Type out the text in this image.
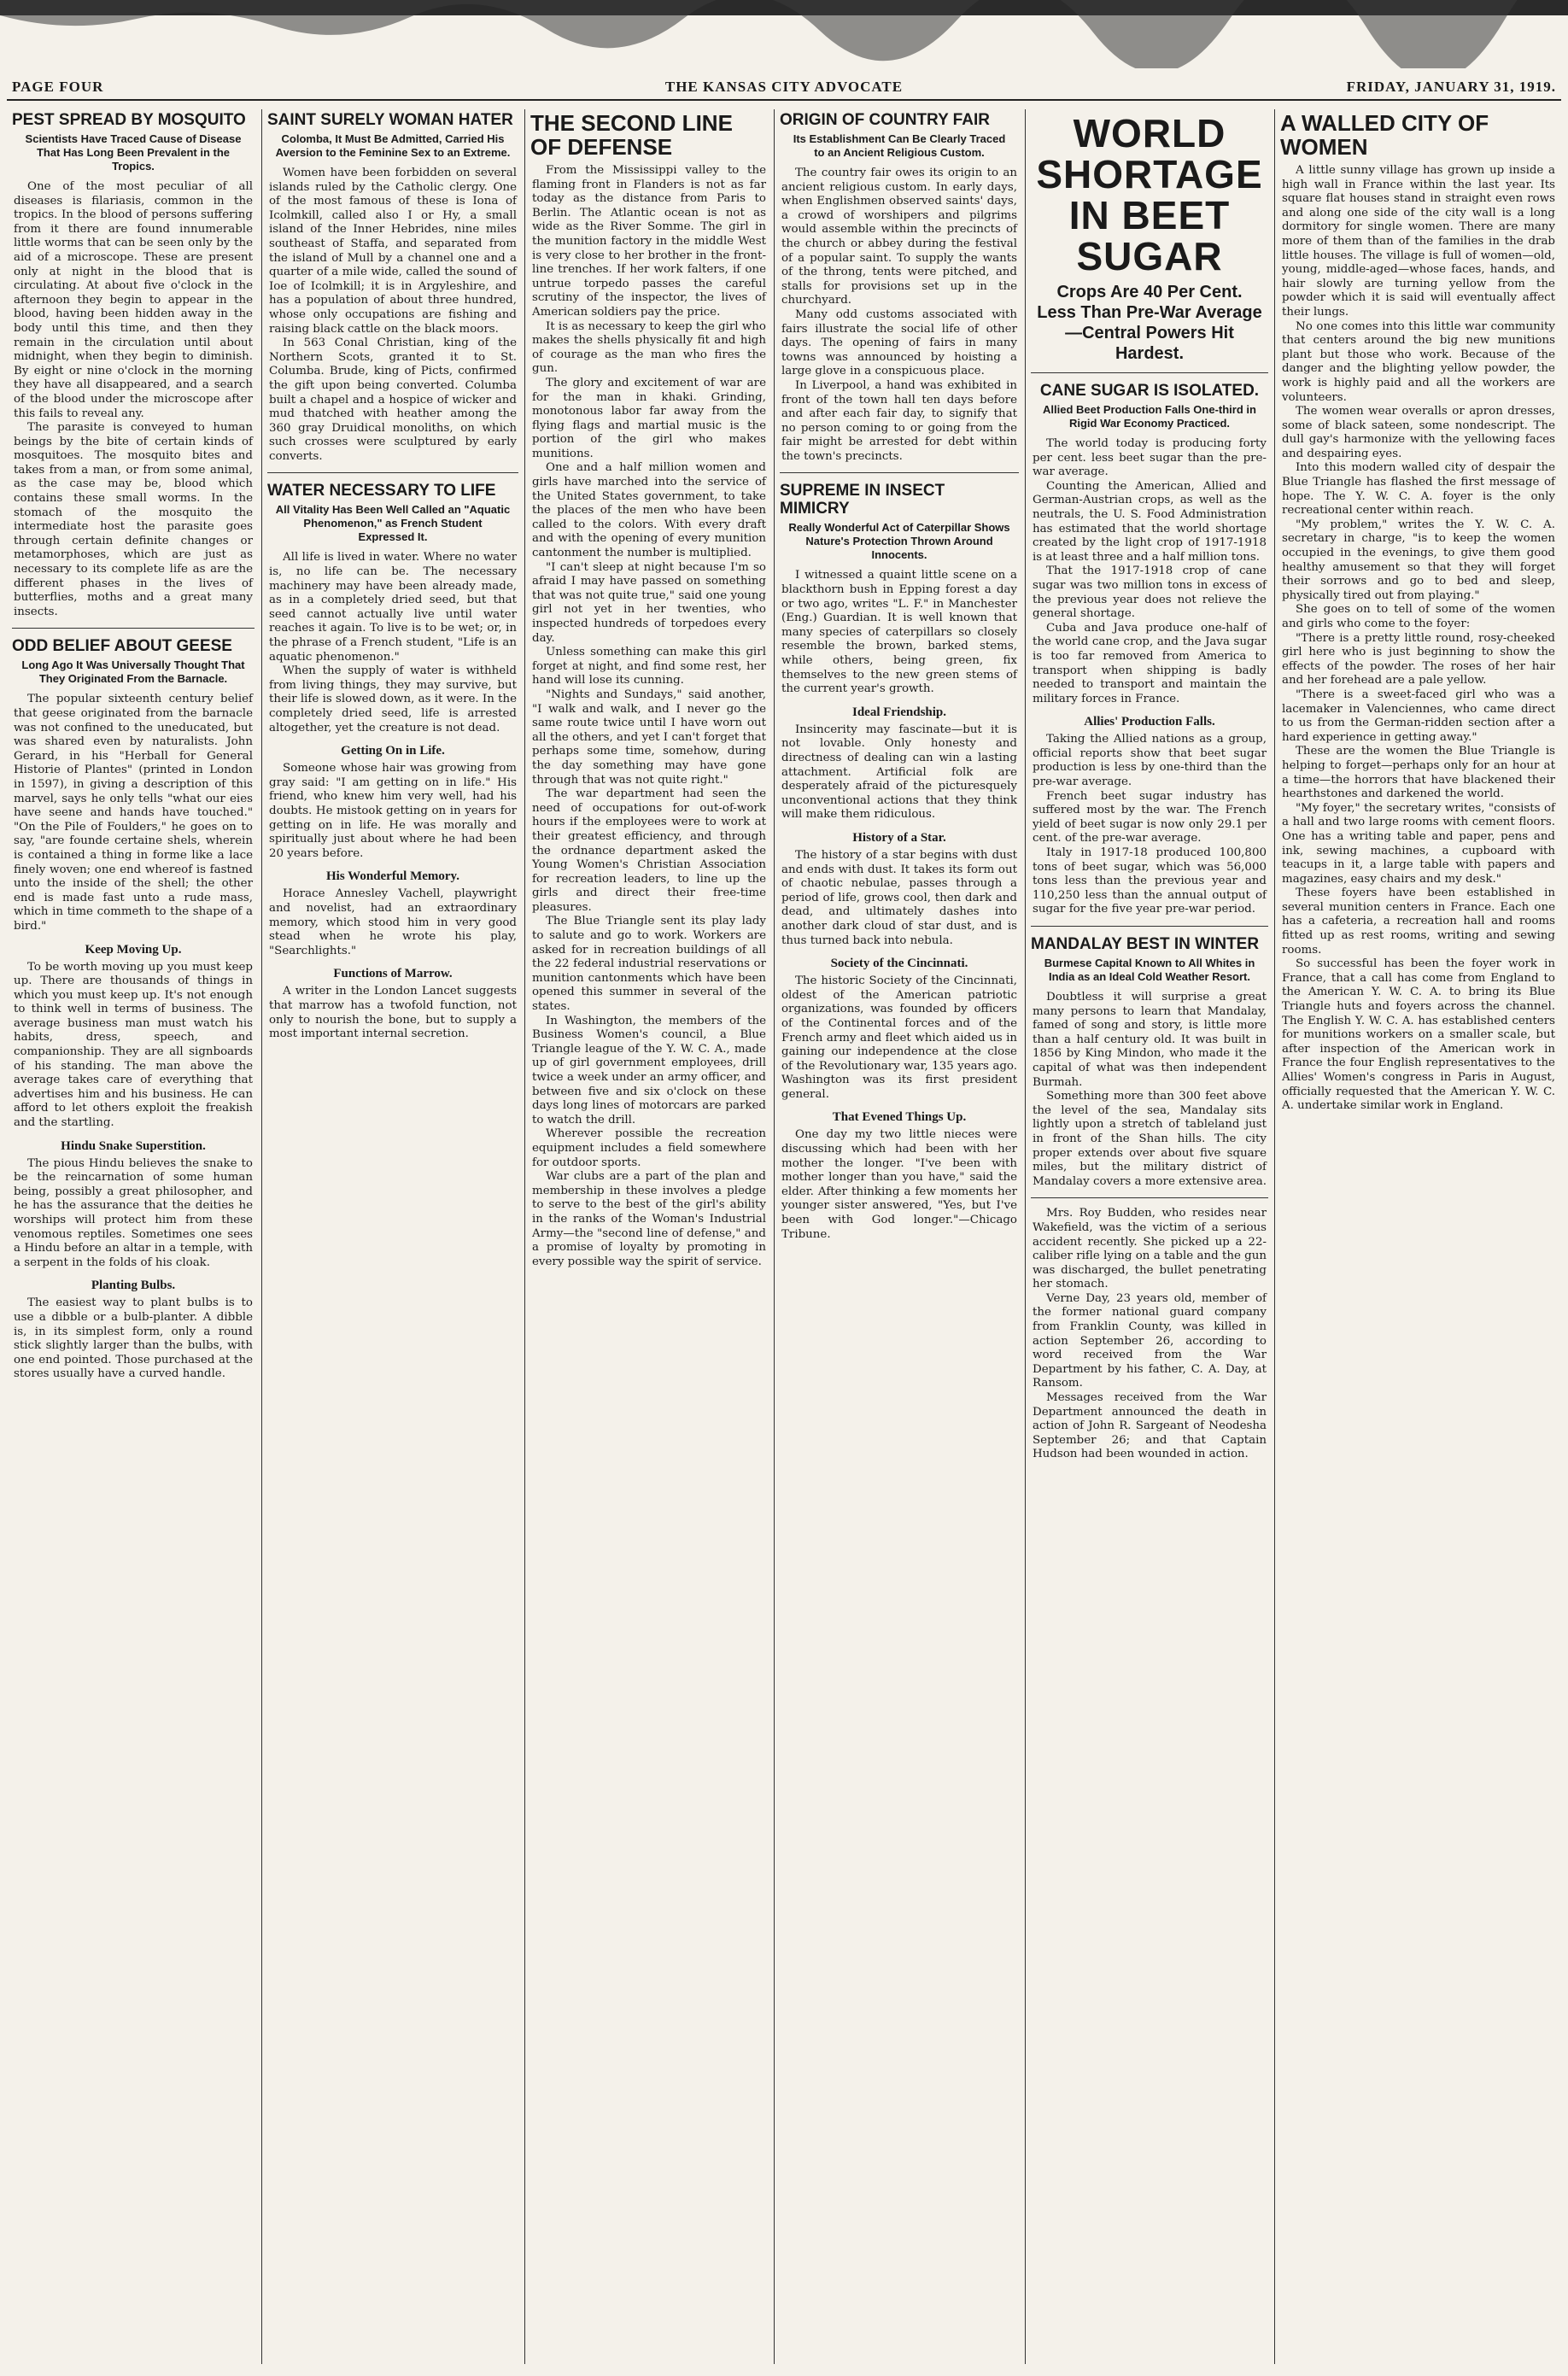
PAGE FOUR	THE KANSAS CITY ADVOCATE	FRIDAY, JANUARY 31, 1919.
PEST SPREAD BY MOSQUITO
Scientists Have Traced Cause of Disease That Has Long Been Prevalent in the Tropics.

One of the most peculiar of all diseases is filariasis, common in the tropics. In the blood of persons suffering from it there are found innumerable little worms that can be seen only by the aid of a microscope. These are present only at night in the blood that is circulating. At about five o'clock in the afternoon they begin to appear in the blood, having been hidden away in the body until this time, and then they remain in the circulation until about midnight, when they begin to diminish. By eight or nine o'clock in the morning they have all disappeared, and a search of the blood under the microscope after this fails to reveal any.

The parasite is conveyed to human beings by the bite of certain kinds of mosquitoes. The mosquito bites and takes from a man, or from some animal, as the case may be, blood which contains these small worms. In the stomach of the mosquito the intermediate host the parasite goes through certain definite changes or metamorphoses, which are just as necessary to its complete life as are the different phases in the lives of butterflies, moths and a great many insects.

ODD BELIEF ABOUT GEESE
Long Ago It Was Universally Thought That They Originated From the Barnacle.

The popular sixteenth century belief that geese originated from the barnacle was not confined to the uneducated, but was shared even by naturalists. John Gerard, in his "Herball for General Historie of Plantes" (printed in London in 1597), in giving a description of this marvel, says he only tells "what our eies have seene and hands have touched." "On the Pile of Foulders," he goes on to say, "are founde certaine shels, wherein is contained a thing in forme like a lace finely woven; one end whereof is fastned unto the inside of the shell; the other end is made fast unto a rude mass, which in time commeth to the shape of a bird."

Keep Moving Up.

To be worth moving up you must keep up. There are thousands of things in which you must keep up. It's not enough to think well in terms of business. The average business man must watch his habits, dress, speech, and companionship. They are all signboards of his standing. The man above the average takes care of everything that advertises him and his business. He can afford to let others exploit the freakish and the startling.

Hindu Snake Superstition.

The pious Hindu believes the snake to be the reincarnation of some human being, possibly a great philosopher, and he has the assurance that the deities he worships will protect him from these venomous reptiles. Sometimes one sees a Hindu before an altar in a temple, with a serpent in the folds of his cloak.

Planting Bulbs.

The easiest way to plant bulbs is to use a dibble or a bulb-planter. A dibble is, in its simplest form, only a round stick slightly larger than the bulbs, with one end pointed. Those purchased at the stores usually have a curved handle.

SAINT SURELY WOMAN HATER
Colomba, It Must Be Admitted, Carried His Aversion to the Feminine Sex to an Extreme.

Women have been forbidden on several islands ruled by the Catholic clergy. One of the most famous of these is Iona of Icolmkill, called also I or Hy, a small island of the Inner Hebrides, nine miles southeast of Staffa, and separated from the island of Mull by a channel one and a quarter of a mile wide, called the sound of Ioe of Icolmkill; it is in Argyleshire, and has a population of about three hundred, whose only occupations are fishing and raising black cattle on the black moors.

In 563 Conal Christian, king of the Northern Scots, granted it to St. Columba. Brude, king of Picts, confirmed the gift upon being converted. Columba built a chapel and a hospice of wicker and mud thatched with heather among the 360 gray Druidical monoliths, on which such crosses were sculptured by early converts.

WATER NECESSARY TO LIFE
All Vitality Has Been Well Called an "Aquatic Phenomenon," as French Student Expressed It.

All life is lived in water. Where no water is, no life can be. The necessary machinery may have been already made, as in a completely dried seed, but that seed cannot actually live until water reaches it again. To live is to be wet; or, in the phrase of a French student, "Life is an aquatic phenomenon."

When the supply of water is withheld from living things, they may survive, but their life is slowed down, as it were. In the completely dried seed, life is arrested altogether, yet the creature is not dead.

Getting On in Life.

Someone whose hair was growing from gray said: "I am getting on in life." His friend, who knew him very well, had his doubts. He mistook getting on in years for getting on in life. He was morally and spiritually just about where he had been 20 years before.

His Wonderful Memory.

Horace Annesley Vachell, playwright and novelist, had an extraordinary memory, which stood him in very good stead when he wrote his play, "Searchlights."

Functions of Marrow.

A writer in the London Lancet suggests that marrow has a twofold function, not only to nourish the bone, but to supply a most important internal secretion.

THE SECOND LINE OF DEFENSE

From the Mississippi valley to the flaming front in Flanders is not as far today as the distance from Paris to Berlin. The Atlantic ocean is not as wide as the River Somme. The girl in the munition factory in the middle West is very close to her brother in the front-line trenches. If her work falters, if one untrue torpedo passes the careful scrutiny of the inspector, the lives of American soldiers pay the price.

It is as necessary to keep the girl who makes the shells physically fit and high of courage as the man who fires the gun.

The glory and excitement of war are for the man in khaki. Grinding, monotonous labor far away from the flying flags and martial music is the portion of the girl who makes munitions.

One and a half million women and girls have marched into the service of the United States government, to take the places of the men who have been called to the colors. With every draft and with the opening of every munition cantonment the number is multiplied.

"I can't sleep at night because I'm so afraid I may have passed on something that was not quite true," said one young girl not yet in her twenties, who inspected hundreds of torpedoes every day.

Unless something can make this girl forget at night, and find some rest, her hand will lose its cunning.

"Nights and Sundays," said another, "I walk and walk, and I never go the same route twice until I have worn out all the others, and yet I can't forget that perhaps some time, somehow, during the day something may have gone through that was not quite right."

The war department had seen the need of occupations for out-of-work hours if the employees were to work at their greatest efficiency, and through the ordnance department asked the Young Women's Christian Association for recreation leaders, to line up the girls and direct their free-time pleasures.

The Blue Triangle sent its play lady to salute and go to work. Workers are asked for in recreation buildings of all the 22 federal industrial reservations or munition cantonments which have been opened this summer in several of the states.

In Washington, the members of the Business Women's council, a Blue Triangle league of the Y. W. C. A., made up of girl government employees, drill twice a week under an army officer, and between five and six o'clock on these days long lines of motorcars are parked to watch the drill.

Wherever possible the recreation equipment includes a field somewhere for outdoor sports.

War clubs are a part of the plan and membership in these involves a pledge to serve to the best of the girl's ability in the ranks of the Woman's Industrial Army—the "second line of defense," and a promise of loyalty by promoting in every possible way the spirit of service.

ORIGIN OF COUNTRY FAIR
Its Establishment Can Be Clearly Traced to an Ancient Religious Custom.

The country fair owes its origin to an ancient religious custom. In early days, when Englishmen observed saints' days, a crowd of worshipers and pilgrims would assemble within the precincts of the church or abbey during the festival of a popular saint. To supply the wants of the throng, tents were pitched, and stalls for provisions set up in the churchyard.

Many odd customs associated with fairs illustrate the social life of other days. The opening of fairs in many towns was announced by hoisting a large glove in a conspicuous place.

In Liverpool, a hand was exhibited in front of the town hall ten days before and after each fair day, to signify that no person coming to or going from the fair might be arrested for debt within the town's precincts.

SUPREME IN INSECT MIMICRY
Really Wonderful Act of Caterpillar Shows Nature's Protection Thrown Around Innocents.

I witnessed a quaint little scene on a blackthorn bush in Epping forest a day or two ago, writes "L. F." in Manchester (Eng.) Guardian. It is well known that many species of caterpillars so closely resemble the brown, barked stems, while others, being green, fix themselves to the new green stems of the current year's growth.

Ideal Friendship.

Insincerity may fascinate—but it is not lovable. Only honesty and directness of dealing can win a lasting attachment. Artificial folk are desperately afraid of the picturesquely unconventional actions that they think will make them ridiculous.

History of a Star.

The history of a star begins with dust and ends with dust. It takes its form out of chaotic nebulae, passes through a period of life, grows cool, then dark and dead, and ultimately dashes into another dark cloud of star dust, and is thus turned back into nebula.

Society of the Cincinnati.

The historic Society of the Cincinnati, oldest of the American patriotic organizations, was founded by officers of the Continental forces and of the French army and fleet which aided us in gaining our independence at the close of the Revolutionary war, 135 years ago. Washington was its first president general.

That Evened Things Up.

One day my two little nieces were discussing which had been with her mother the longer. "I've been with mother longer than you have," said the elder. After thinking a few moments her younger sister answered, "Yes, but I've been with God longer."—Chicago Tribune.

WORLD SHORTAGE IN BEET SUGAR
Crops Are 40 Per Cent. Less Than Pre-War Average—Central Powers Hit Hardest.
CANE SUGAR IS ISOLATED.
Allied Beet Production Falls One-third in Rigid War Economy Practiced.

The world today is producing forty per cent. less beet sugar than the pre-war average.

Counting the American, Allied and German-Austrian crops, as well as the neutrals, the U. S. Food Administration has estimated that the world shortage created by the light crop of 1917-1918 is at least three and a half million tons.

That the 1917-1918 crop of cane sugar was two million tons in excess of the previous year does not relieve the general shortage.

Cuba and Java produce one-half of the world cane crop, and the Java sugar is too far removed from America to transport when shipping is badly needed to transport and maintain the military forces in France.

Allies' Production Falls.

Taking the Allied nations as a group, official reports show that beet sugar production is less by one-third than the pre-war average.

French beet sugar industry has suffered most by the war. The French yield of beet sugar is now only 29.1 per cent. of the pre-war average.

Italy in 1917-18 produced 100,800 tons of beet sugar, which was 56,000 tons less than the previous year and 110,250 less than the annual output of sugar for the five year pre-war period.

MANDALAY BEST IN WINTER
Burmese Capital Known to All Whites in India as an Ideal Cold Weather Resort.

Doubtless it will surprise a great many persons to learn that Mandalay, famed of song and story, is little more than a half century old. It was built in 1856 by King Mindon, who made it the capital of what was then independent Burmah.

Something more than 300 feet above the level of the sea, Mandalay sits lightly upon a stretch of tableland just in front of the Shan hills. The city proper extends over about five square miles, but the military district of Mandalay covers a more extensive area.

Mrs. Roy Budden, who resides near Wakefield, was the victim of a serious accident recently. She picked up a 22-caliber rifle lying on a table and the gun was discharged, the bullet penetrating her stomach.

Verne Day, 23 years old, member of the former national guard company from Franklin County, was killed in action September 26, according to word received from the War Department by his father, C. A. Day, at Ransom.

Messages received from the War Department announced the death in action of John R. Sargeant of Neodesha September 26; and that Captain Hudson had been wounded in action.

A WALLED CITY OF WOMEN

A little sunny village has grown up inside a high wall in France within the last year. Its square flat houses stand in straight even rows and along one side of the city wall is a long dormitory for single women. There are many more of them than of the families in the drab little houses. The village is full of women—old, young, middle-aged—whose faces, hands, and hair slowly are turning yellow from the powder which it is said will eventually affect their lungs.

No one comes into this little war community that centers around the big new munitions plant but those who work. Because of the danger and the blighting yellow powder, the work is highly paid and all the workers are volunteers.

The women wear overalls or apron dresses, some of black sateen, some nondescript. The dull gay's harmonize with the yellowing faces and despairing eyes.

Into this modern walled city of despair the Blue Triangle has flashed the first message of hope. The Y. W. C. A. foyer is the only recreational center within reach.

"My problem," writes the Y. W. C. A. secretary in charge, "is to keep the women occupied in the evenings, to give them good healthy amusement so that they will forget their sorrows and go to bed and sleep, physically tired out from playing."

She goes on to tell of some of the women and girls who come to the foyer:

"There is a pretty little round, rosy-cheeked girl here who is just beginning to show the effects of the powder. The roses of her hair and her forehead are a pale yellow.

"There is a sweet-faced girl who was a lacemaker in Valenciennes, who came direct to us from the German-ridden section after a hard experience in getting away."

These are the women the Blue Triangle is helping to forget—perhaps only for an hour at a time—the horrors that have blackened their hearthstones and darkened the world.

"My foyer," the secretary writes, "consists of a hall and two large rooms with cement floors. One has a writing table and paper, pens and ink, sewing machines, a cupboard with teacups in it, a large table with papers and magazines, easy chairs and my desk."

These foyers have been established in several munition centers in France. Each one has a cafeteria, a recreation hall and rooms fitted up as rest rooms, writing and sewing rooms.

So successful has been the foyer work in France, that a call has come from England to the American Y. W. C. A. to bring its Blue Triangle huts and foyers across the channel. The English Y. W. C. A. has established centers for munitions workers on a smaller scale, but after inspection of the American work in France the four English representatives to the Allies' Women's congress in Paris in August, officially requested that the American Y. W. C. A. undertake similar work in England.
